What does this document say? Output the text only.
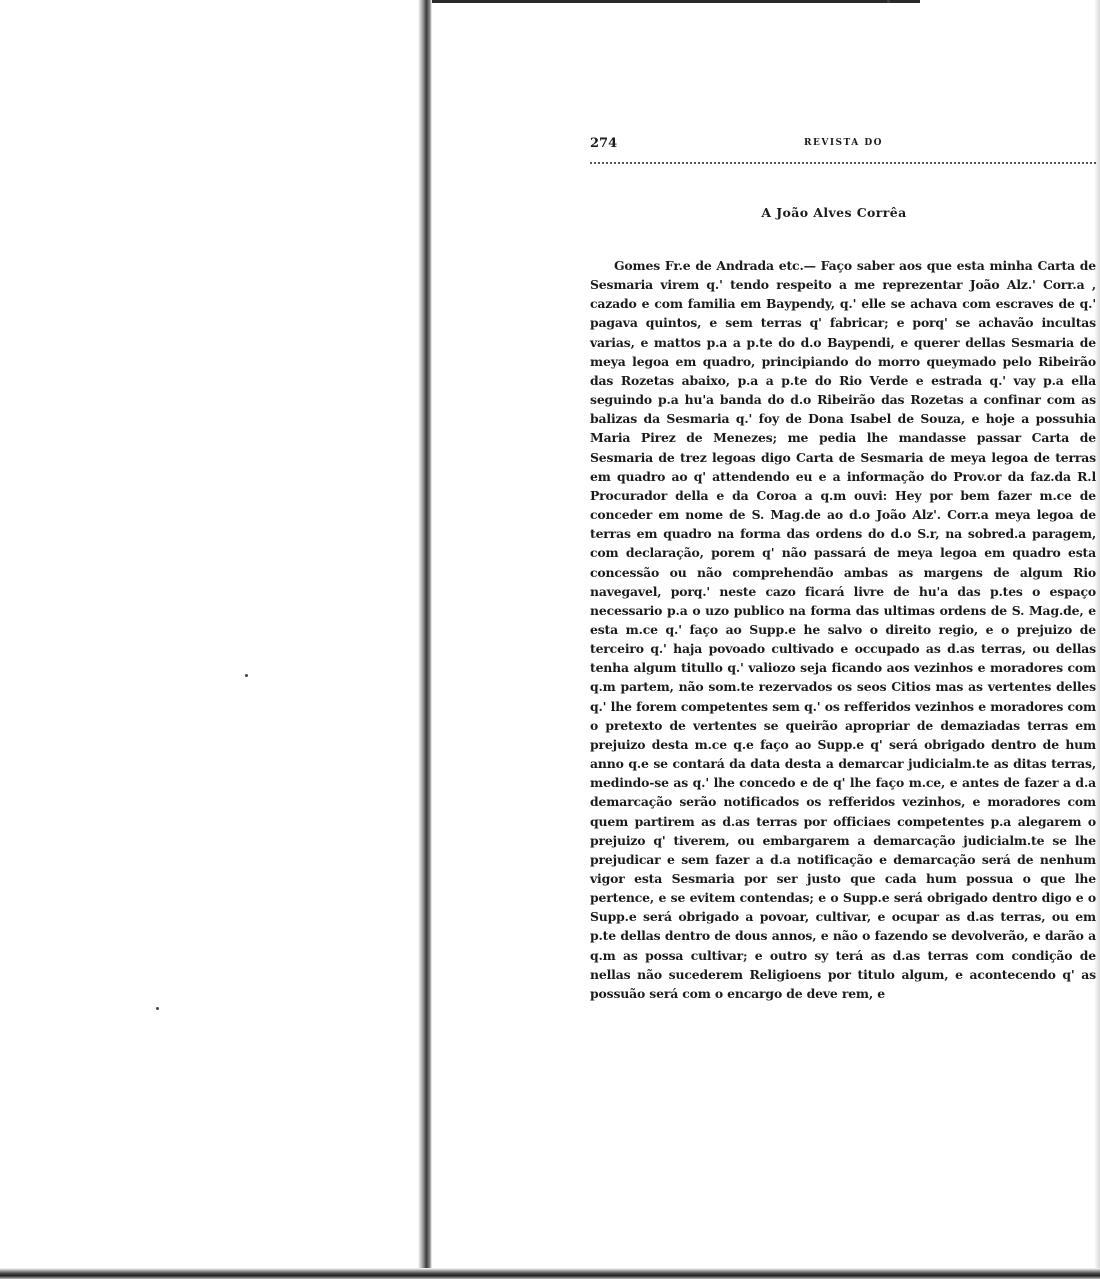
274	REVISTA DO
A João Alves Corrêa

Gomes Fr.e de Andrada etc.— Faço saber aos que esta minha Carta de Sesmaria virem q.' tendo respeito a me reprezentar João Alz.' Corr.a , cazado e com familia em Baypendy, q.' elle se achava com escraves de q.' pagava quintos, e sem terras q' fabricar; e porq' se achavão incultas varias, e mattos p.a a p.te do d.o Baypendi, e querer dellas Sesmaria de meya legoa em quadro, principiando do morro queymado pelo Ribeirão das Rozetas abaixo, p.a a p.te do Rio Verde e estrada q.' vay p.a ella seguindo p.a hu'a banda do d.o Ribeirão das Rozetas a confinar com as balizas da Sesmaria q.' foy de Dona Isabel de Souza, e hoje a possuhia Maria Pirez de Menezes; me pedia lhe mandasse passar Carta de Sesmaria de trez legoas digo Carta de Sesmaria de meya legoa de terras em quadro ao q' attendendo eu e a informação do Prov.or da faz.da R.l Procurador della e da Coroa a q.m ouvi: Hey por bem fazer m.ce de conceder em nome de S. Mag.de ao d.o João Alz'. Corr.a meya legoa de terras em quadro na forma das ordens do d.o S.r, na sobred.a paragem, com declaração, porem q' não passará de meya legoa em quadro esta concessão ou não comprehendão ambas as margens de algum Rio navegavel, porq.' neste cazo ficará livre de hu'a das p.tes o espaço necessario p.a o uzo publico na forma das ultimas ordens de S. Mag.de, e esta m.ce q.' faço ao Supp.e he salvo o direito regio, e o prejuizo de terceiro q.' haja povoado cultivado e occupado as d.as terras, ou dellas tenha algum titullo q.' valiozo seja ficando aos vezinhos e moradores com q.m partem, não som.te rezervados os seos Citios mas as vertentes delles q.' lhe forem competentes sem q.' os refferidos vezinhos e moradores com o pretexto de vertentes se queirão apropriar de demaziadas terras em prejuizo desta m.ce q.e faço ao Supp.e q' será obrigado dentro de hum anno q.e se contará da data desta a demarcar judicialm.te as ditas terras, medindo-se as q.' lhe concedo e de q' lhe faço m.ce, e antes de fazer a d.a demarcação serão notificados os refferidos vezinhos, e moradores com quem partirem as d.as terras por officiaes competentes p.a alegarem o prejuizo q' tiverem, ou embargarem a demarcação judicialm.te se lhe prejudicar e sem fazer a d.a notificação e demarcação será de nenhum vigor esta Sesmaria por ser justo que cada hum possua o que lhe pertence, e se evitem contendas; e o Supp.e será obrigado dentro digo e o Supp.e será obrigado a povoar, cultivar, e ocupar as d.as terras, ou em p.te dellas dentro de dous annos, e não o fazendo se devolverão, e darão a q.m as possa cultivar; e outro sy terá as d.as terras com condição de nellas não sucederem Religioens por titulo algum, e acontecendo q' as possuão será com o encargo de deve rem, e
